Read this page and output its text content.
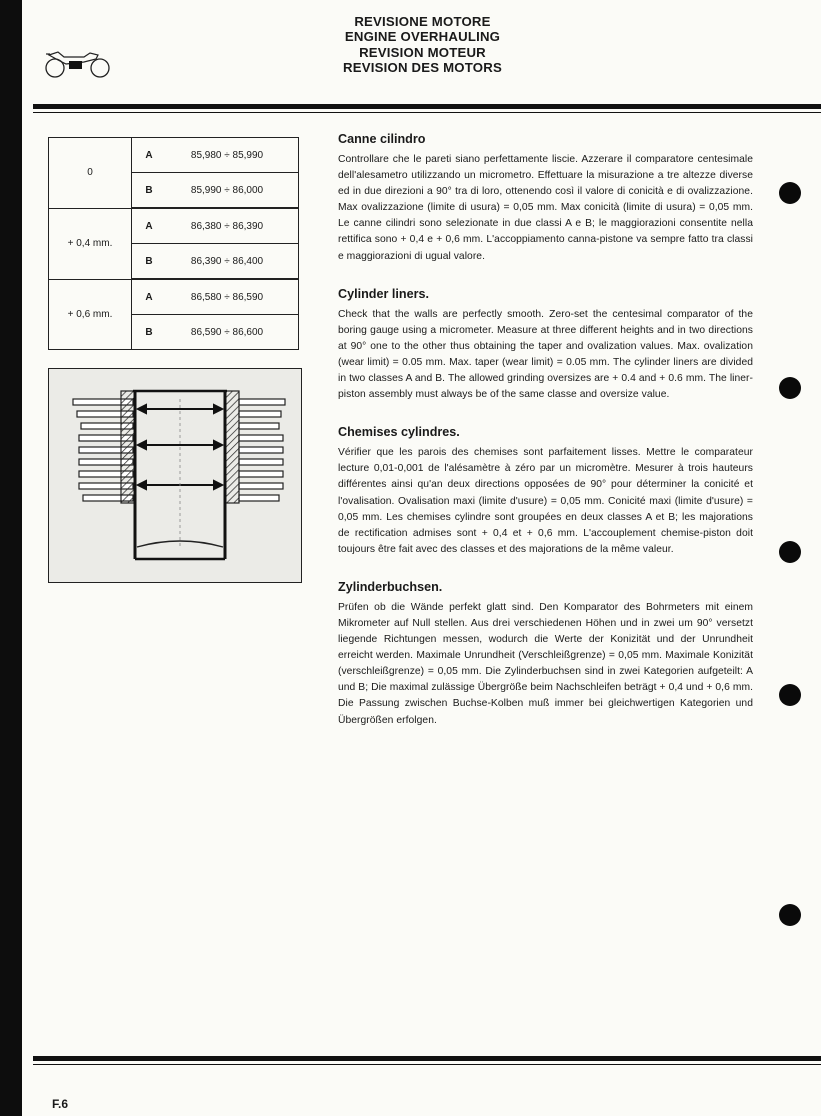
REVISIONE MOTORE
ENGINE OVERHAULING
REVISION MOTEUR
REVISION DES MOTORS
0	A	85,980 ÷ 85,990
	B	85,990 ÷ 86,000
+ 0,4 mm.	A	86,380 ÷ 86,390
	B	86,390 ÷ 86,400
+ 0,6 mm.	A	86,580 ÷ 86,590
	B	86,590 ÷ 86,600
Canne cilindro

Controllare che le pareti siano perfettamente liscie. Azzerare il comparatore centesimale dell'alesametro utilizzando un micrometro. Effettuare la misurazione a tre altezze diverse ed in due direzioni a 90° tra di loro, ottenendo così il valore di conicità e di ovalizzazione. Max ovalizzazione (limite di usura) = 0,05 mm. Max conicità (limite di usura) = 0,05 mm. Le canne cilindri sono selezionate in due classi A e B; le maggiorazioni consentite nella rettifica sono + 0,4 e + 0,6 mm. L'accoppiamento canna-pistone va sempre fatto tra classi e maggiorazioni di ugual valore.

Cylinder liners.

Check that the walls are perfectly smooth. Zero-set the centesimal comparator of the boring gauge using a micrometer. Measure at three different heights and in two directions at 90° one to the other thus obtaining the taper and ovalization values. Max. ovalization (wear limit) = 0.05 mm. Max. taper (wear limit) = 0.05 mm. The cylinder liners are divided in two classes A and B. The allowed grinding oversizes are + 0.4 and + 0.6 mm. The liner-piston assembly must always be of the same classe and oversize value.

Chemises cylindres.

Vérifier que les parois des chemises sont parfaitement lisses. Mettre le comparateur lecture 0,01-0,001 de l'alésamètre à zéro par un micromètre. Mesurer à trois hauteurs différentes ainsi qu'an deux directions opposées de 90° pour déterminer la conicité et l'ovalisation. Ovalisation maxi (limite d'usure) = 0,05 mm. Conicité maxi (limite d'usure) = 0,05 mm. Les chemises cylindre sont groupées en deux classes A et B; les majorations de rectification admises sont + 0,4 et + 0,6 mm. L'accouplement chemise-piston doit toujours être fait avec des classes et des majorations de la même valeur.

Zylinderbuchsen.

Prüfen ob die Wände perfekt glatt sind. Den Komparator des Bohrmeters mit einem Mikrometer auf Null stellen. Aus drei verschiedenen Höhen und in zwei um 90° versetzt liegende Richtungen messen, wodurch die Werte der Konizität und der Unrundheit erreicht werden. Maximale Unrundheit (Verschleißgrenze) = 0,05 mm. Maximale Konizität (verschleißgrenze) = 0,05 mm. Die Zylinderbuchsen sind in zwei Kategorien aufgeteilt: A und B; Die maximal zulässige Übergröße beim Nachschleifen beträgt + 0,4 und + 0,6 mm. Die Passung zwischen Buchse-Kolben muß immer bei gleichwertigen Kategorien und Übergrößen erfolgen.

F.6
